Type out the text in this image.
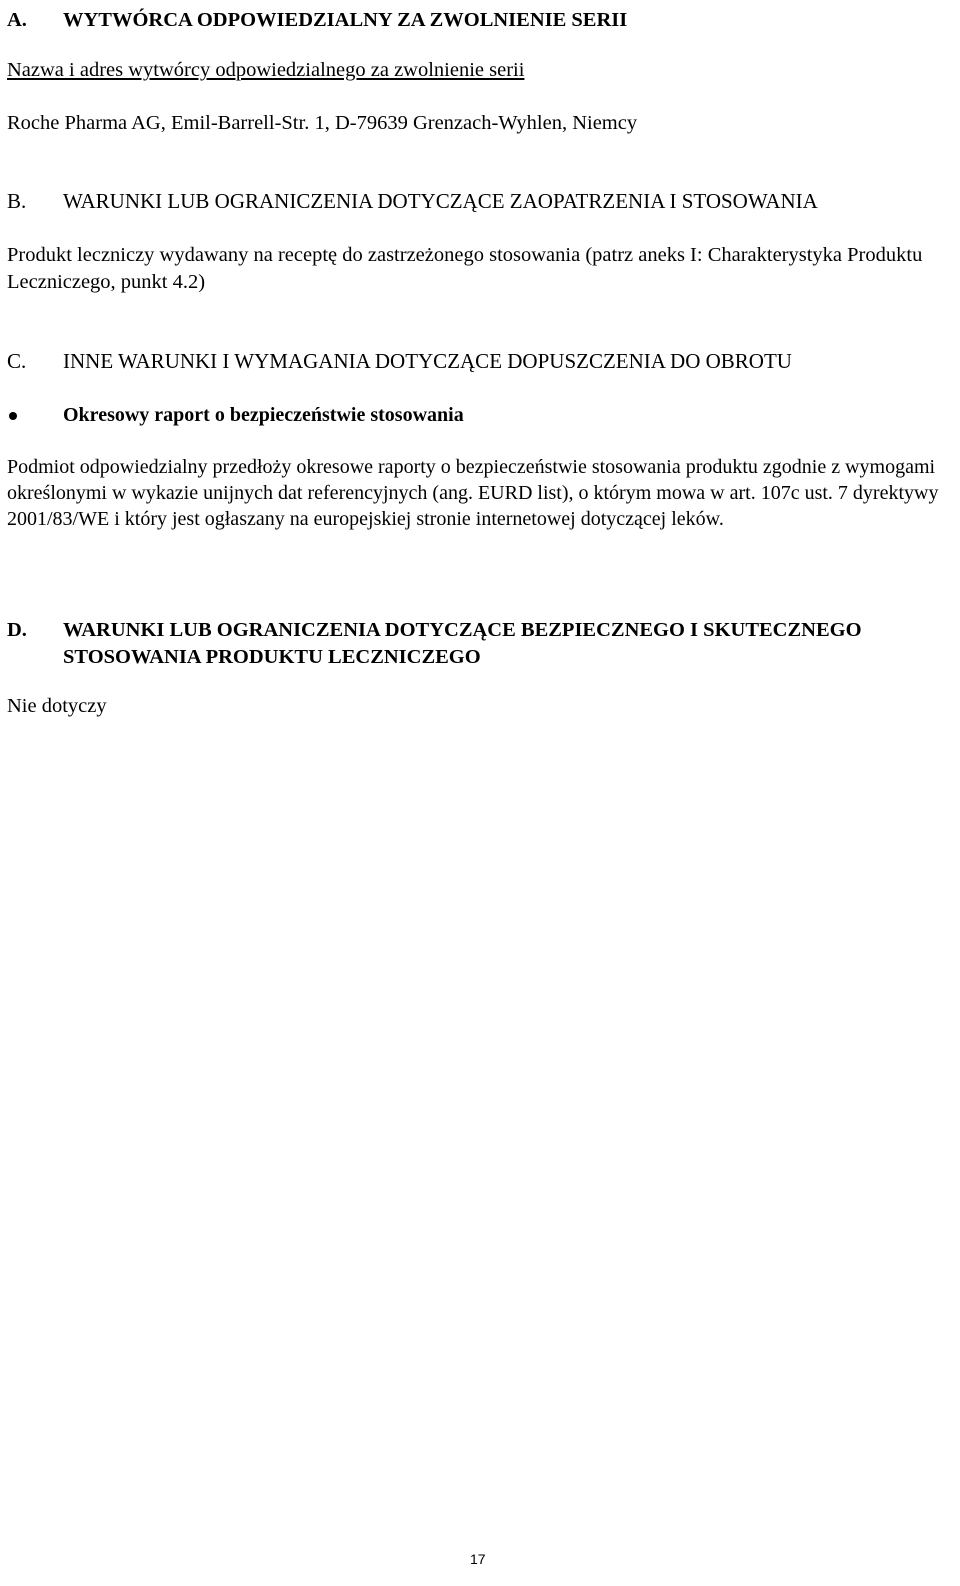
A. WYTWÓRCA ODPOWIEDZIALNY ZA ZWOLNIENIE SERII
Nazwa i adres wytwórcy odpowiedzialnego za zwolnienie serii
Roche Pharma AG, Emil-Barrell-Str. 1, D-79639 Grenzach-Wyhlen, Niemcy
B. WARUNKI LUB OGRANICZENIA DOTYCZĄCE ZAOPATRZENIA I STOSOWANIA
Produkt leczniczy wydawany na receptę do zastrzeżonego stosowania (patrz aneks I: Charakterystyka Produktu Leczniczego, punkt 4.2)
C. INNE WARUNKI I WYMAGANIA DOTYCZĄCE DOPUSZCZENIA DO OBROTU
Okresowy raport o bezpieczeństwie stosowania
Podmiot odpowiedzialny przedłoży okresowe raporty o bezpieczeństwie stosowania produktu zgodnie z wymogami określonymi w wykazie unijnych dat referencyjnych (ang. EURD list), o którym mowa w art. 107c ust. 7 dyrektywy 2001/83/WE i który jest ogłaszany na europejskiej stronie internetowej dotyczącej leków.
D. WARUNKI LUB OGRANICZENIA DOTYCZĄCE BEZPIECZNEGO I SKUTECZNEGO STOSOWANIA PRODUKTU LECZNICZEGO
Nie dotyczy
17
